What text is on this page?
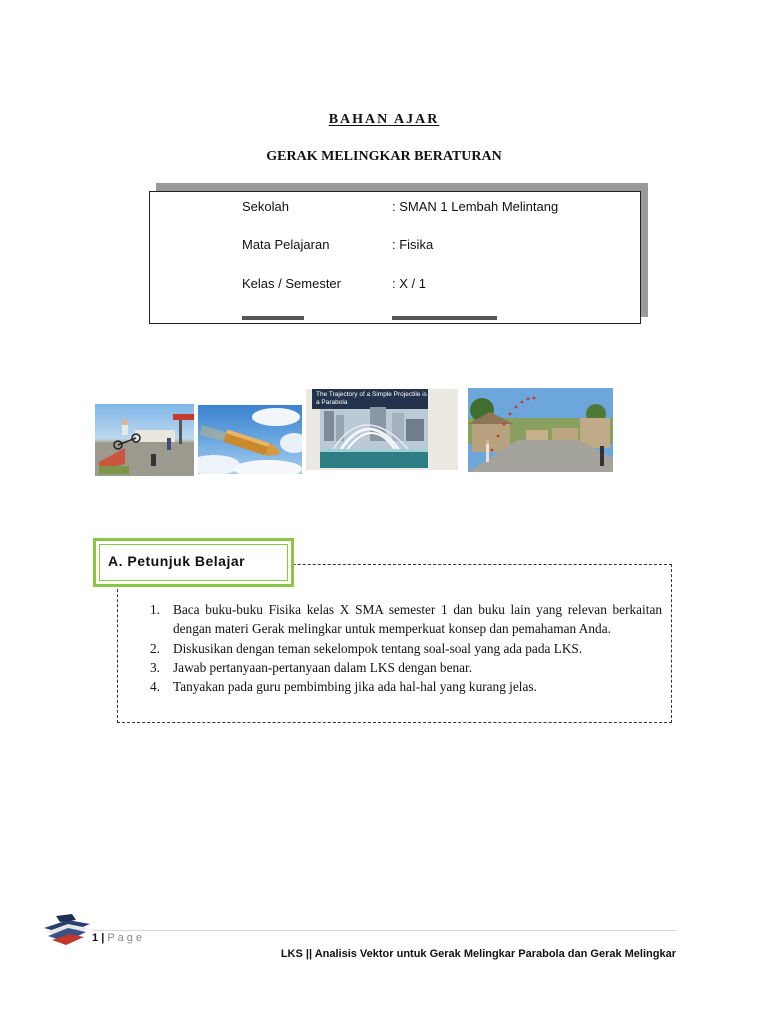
BAHAN AJAR
GERAK MELINGKAR BERATURAN
Sekolah	: SMAN 1 Lembah Melintang
Mata Pelajaran	: Fisika
Kelas / Semester	: X / 1
The Trajectory of a Simple Projectile is a Parabola
A. Petunjuk Belajar
1. Baca buku-buku Fisika kelas X SMA semester 1 dan buku lain yang relevan berkaitan dengan materi Gerak melingkar untuk memperkuat konsep dan pemahaman Anda.
2. Diskusikan dengan teman sekelompok tentang soal-soal yang ada pada LKS.
3. Jawab pertanyaan-pertanyaan dalam LKS dengan benar.
4. Tanyakan pada guru pembimbing jika ada hal-hal yang kurang jelas.
1 | Page
LKS || Analisis Vektor untuk Gerak Melingkar Parabola dan Gerak Melingkar
